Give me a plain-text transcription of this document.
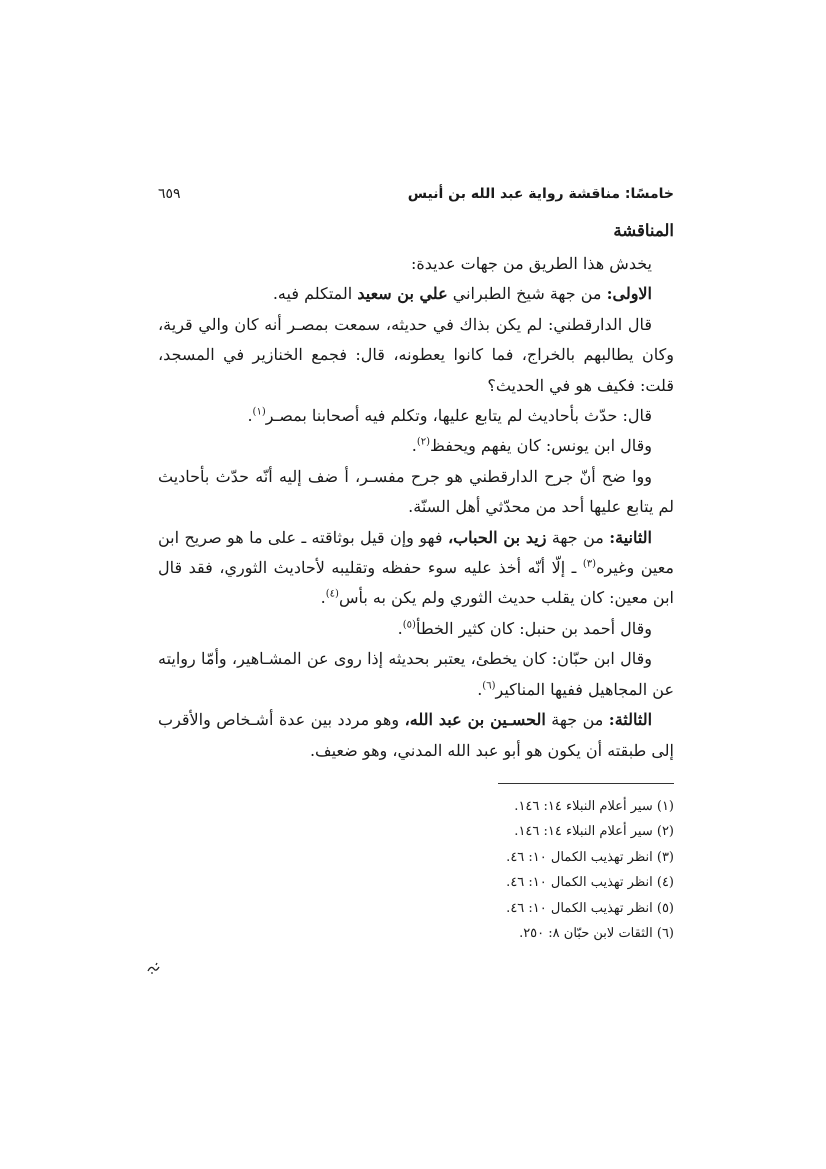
خامسًا: مناقشة رواية عبد الله بن أنيس
٦٥٩
المناقشة

يخدش هذا الطريق من جهات عديدة:

الاولى: من جهة شيخ الطبراني علي بن سعيد المتكلم فيه.

قال الدارقطني: لم يكن بذاك في حديثه، سمعت بمصـر أنه كان والي قرية، وكان يطالبهم بالخراج، فما كانوا يعطونه، قال: فجمع الخنازير في المسجد، قلت: فكيف هو في الحديث؟

قال: حدّث بأحاديث لم يتابع عليها، وتكلم فيه أصحابنا بمصـر$^{(١)}$.

وقال ابن يونس: كان يفهم ويحفظ$^{(٢)}$.

ووا ضح أنّ جرح الدارقطني هو جرح مفسـر، أ ضف إليه أنّه حدّث بأحاديث لم يتابع عليها أحد من محدّثي أهل السنّة.

الثانية: من جهة زيد بن الحباب، فهو وإن قيل بوثاقته ـ على ما هو صريح ابن معين وغيره$^{(٣)}$ ـ إلّا أنّه أخذ عليه سوء حفظه وتقليبه لأحاديث الثوري، فقد قال ابن معين: كان يقلب حديث الثوري ولم يكن به بأس$^{(٤)}$.

وقال أحمد بن حنبل: كان كثير الخطأ$^{(٥)}$.

وقال ابن حبّان: كان يخطئ، يعتبر بحديثه إذا روى عن المشـاهير، وأمّا روايته عن المجاهيل ففيها المناكير$^{(٦)}$.

الثالثة: من جهة الحسـين بن عبد الله، وهو مردد بين عدة أشـخاص والأقرب إلى طبقته أن يكون هو أبو عبد الله المدني، وهو ضعيف.

(١) سير أعلام النبلاء ١٤: ١٤٦.
(٢) سير أعلام النبلاء ١٤: ١٤٦.
(٣) انظر تهذيب الكمال ١٠: ٤٦.
(٤) انظر تهذيب الكمال ١٠: ٤٦.
(٥) انظر تهذيب الكمال ١٠: ٤٦.
(٦) الثقات لابن حبّان ٨: ٢٥٠.
